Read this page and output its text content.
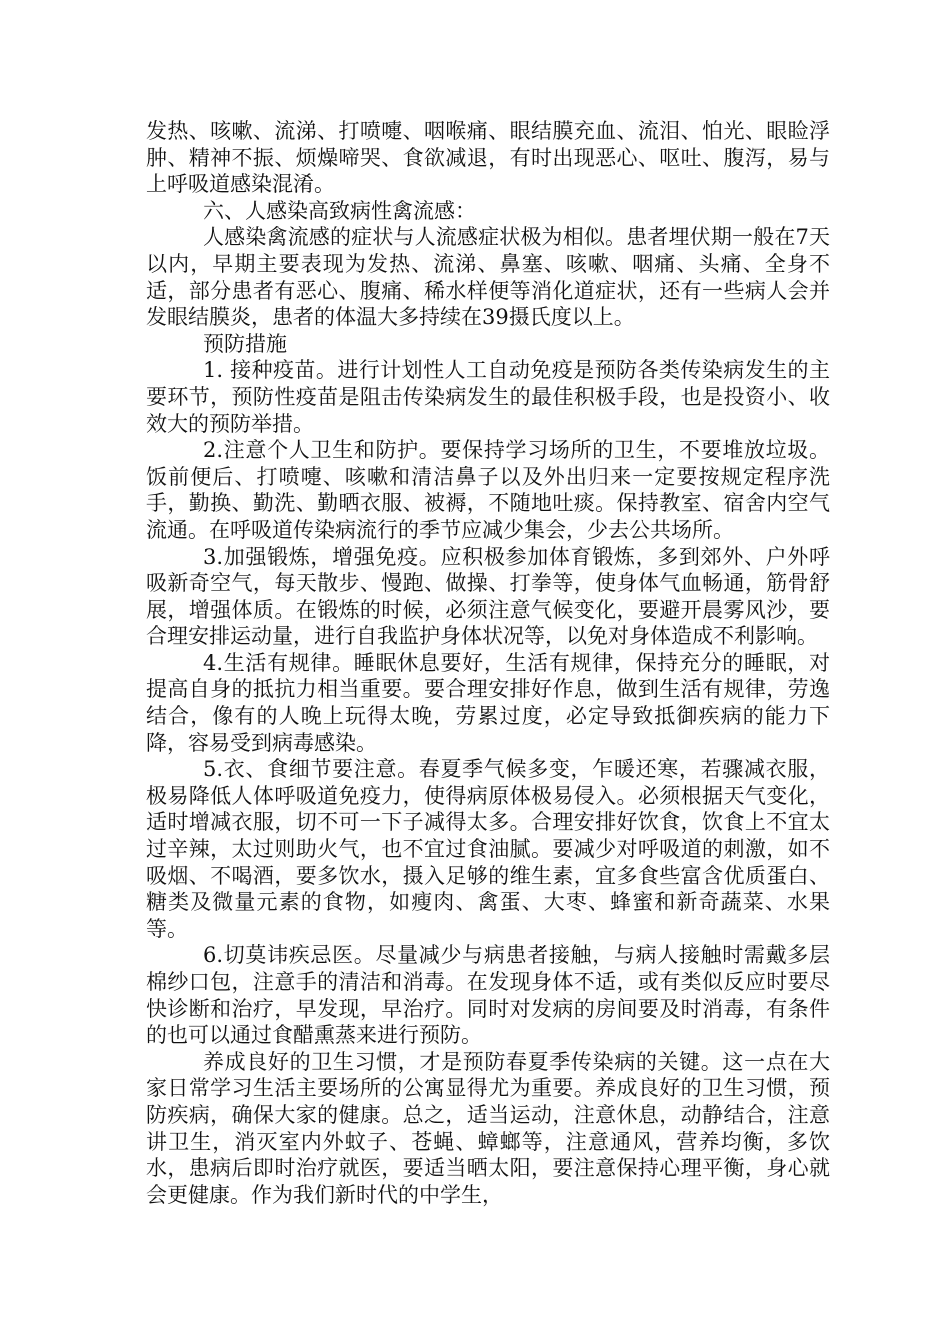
发热、咳嗽、流涕、打喷嚏、咽喉痛、眼结膜充血、流泪、怕光、眼睑浮肿、精神不振、烦燥啼哭、食欲减退，有时出现恶心、呕吐、腹泻，易与上呼吸道感染混淆。

六、人感染高致病性禽流感：

人感染禽流感的症状与人流感症状极为相似。患者埋伏期一般在7天以内，早期主要表现为发热、流涕、鼻塞、咳嗽、咽痛、头痛、全身不适，部分患者有恶心、腹痛、稀水样便等消化道症状，还有一些病人会并发眼结膜炎，患者的体温大多持续在39摄氏度以上。

预防措施

1. 接种疫苗。进行计划性人工自动免疫是预防各类传染病发生的主要环节，预防性疫苗是阻击传染病发生的最佳积极手段，也是投资小、收效大的预防举措。

2.注意个人卫生和防护。要保持学习场所的卫生，不要堆放垃圾。饭前便后、打喷嚏、咳嗽和清洁鼻子以及外出归来一定要按规定程序洗手，勤换、勤洗、勤晒衣服、被褥，不随地吐痰。保持教室、宿舍内空气流通。在呼吸道传染病流行的季节应减少集会，少去公共场所。

3.加强锻炼，增强免疫。应积极参加体育锻炼，多到郊外、户外呼吸新奇空气，每天散步、慢跑、做操、打拳等，使身体气血畅通，筋骨舒展，增强体质。在锻炼的时候，必须注意气候变化，要避开晨雾风沙，要合理安排运动量，进行自我监护身体状况等，以免对身体造成不利影响。

4.生活有规律。睡眠休息要好，生活有规律，保持充分的睡眠，对提高自身的抵抗力相当重要。要合理安排好作息，做到生活有规律，劳逸结合，像有的人晚上玩得太晚，劳累过度，必定导致抵御疾病的能力下降，容易受到病毒感染。

5.衣、食细节要注意。春夏季气候多变，乍暖还寒，若骤减衣服，极易降低人体呼吸道免疫力，使得病原体极易侵入。必须根据天气变化，适时增减衣服，切不可一下子减得太多。合理安排好饮食，饮食上不宜太过辛辣，太过则助火气，也不宜过食油腻。要减少对呼吸道的刺激，如不吸烟、不喝酒，要多饮水，摄入足够的维生素，宜多食些富含优质蛋白、糖类及微量元素的食物，如瘦肉、禽蛋、大枣、蜂蜜和新奇蔬菜、水果等。

6.切莫讳疾忌医。尽量减少与病患者接触，与病人接触时需戴多层棉纱口包，注意手的清洁和消毒。在发现身体不适，或有类似反应时要尽快诊断和治疗，早发现，早治疗。同时对发病的房间要及时消毒，有条件的也可以通过食醋熏蒸来进行预防。

养成良好的卫生习惯，才是预防春夏季传染病的关键。这一点在大家日常学习生活主要场所的公寓显得尤为重要。养成良好的卫生习惯，预防疾病，确保大家的健康。总之，适当运动，注意休息，动静结合，注意讲卫生，消灭室内外蚊子、苍蝇、蟑螂等，注意通风，营养均衡，多饮水，患病后即时治疗就医，要适当晒太阳，要注意保持心理平衡，身心就会更健康。作为我们新时代的中学生，
